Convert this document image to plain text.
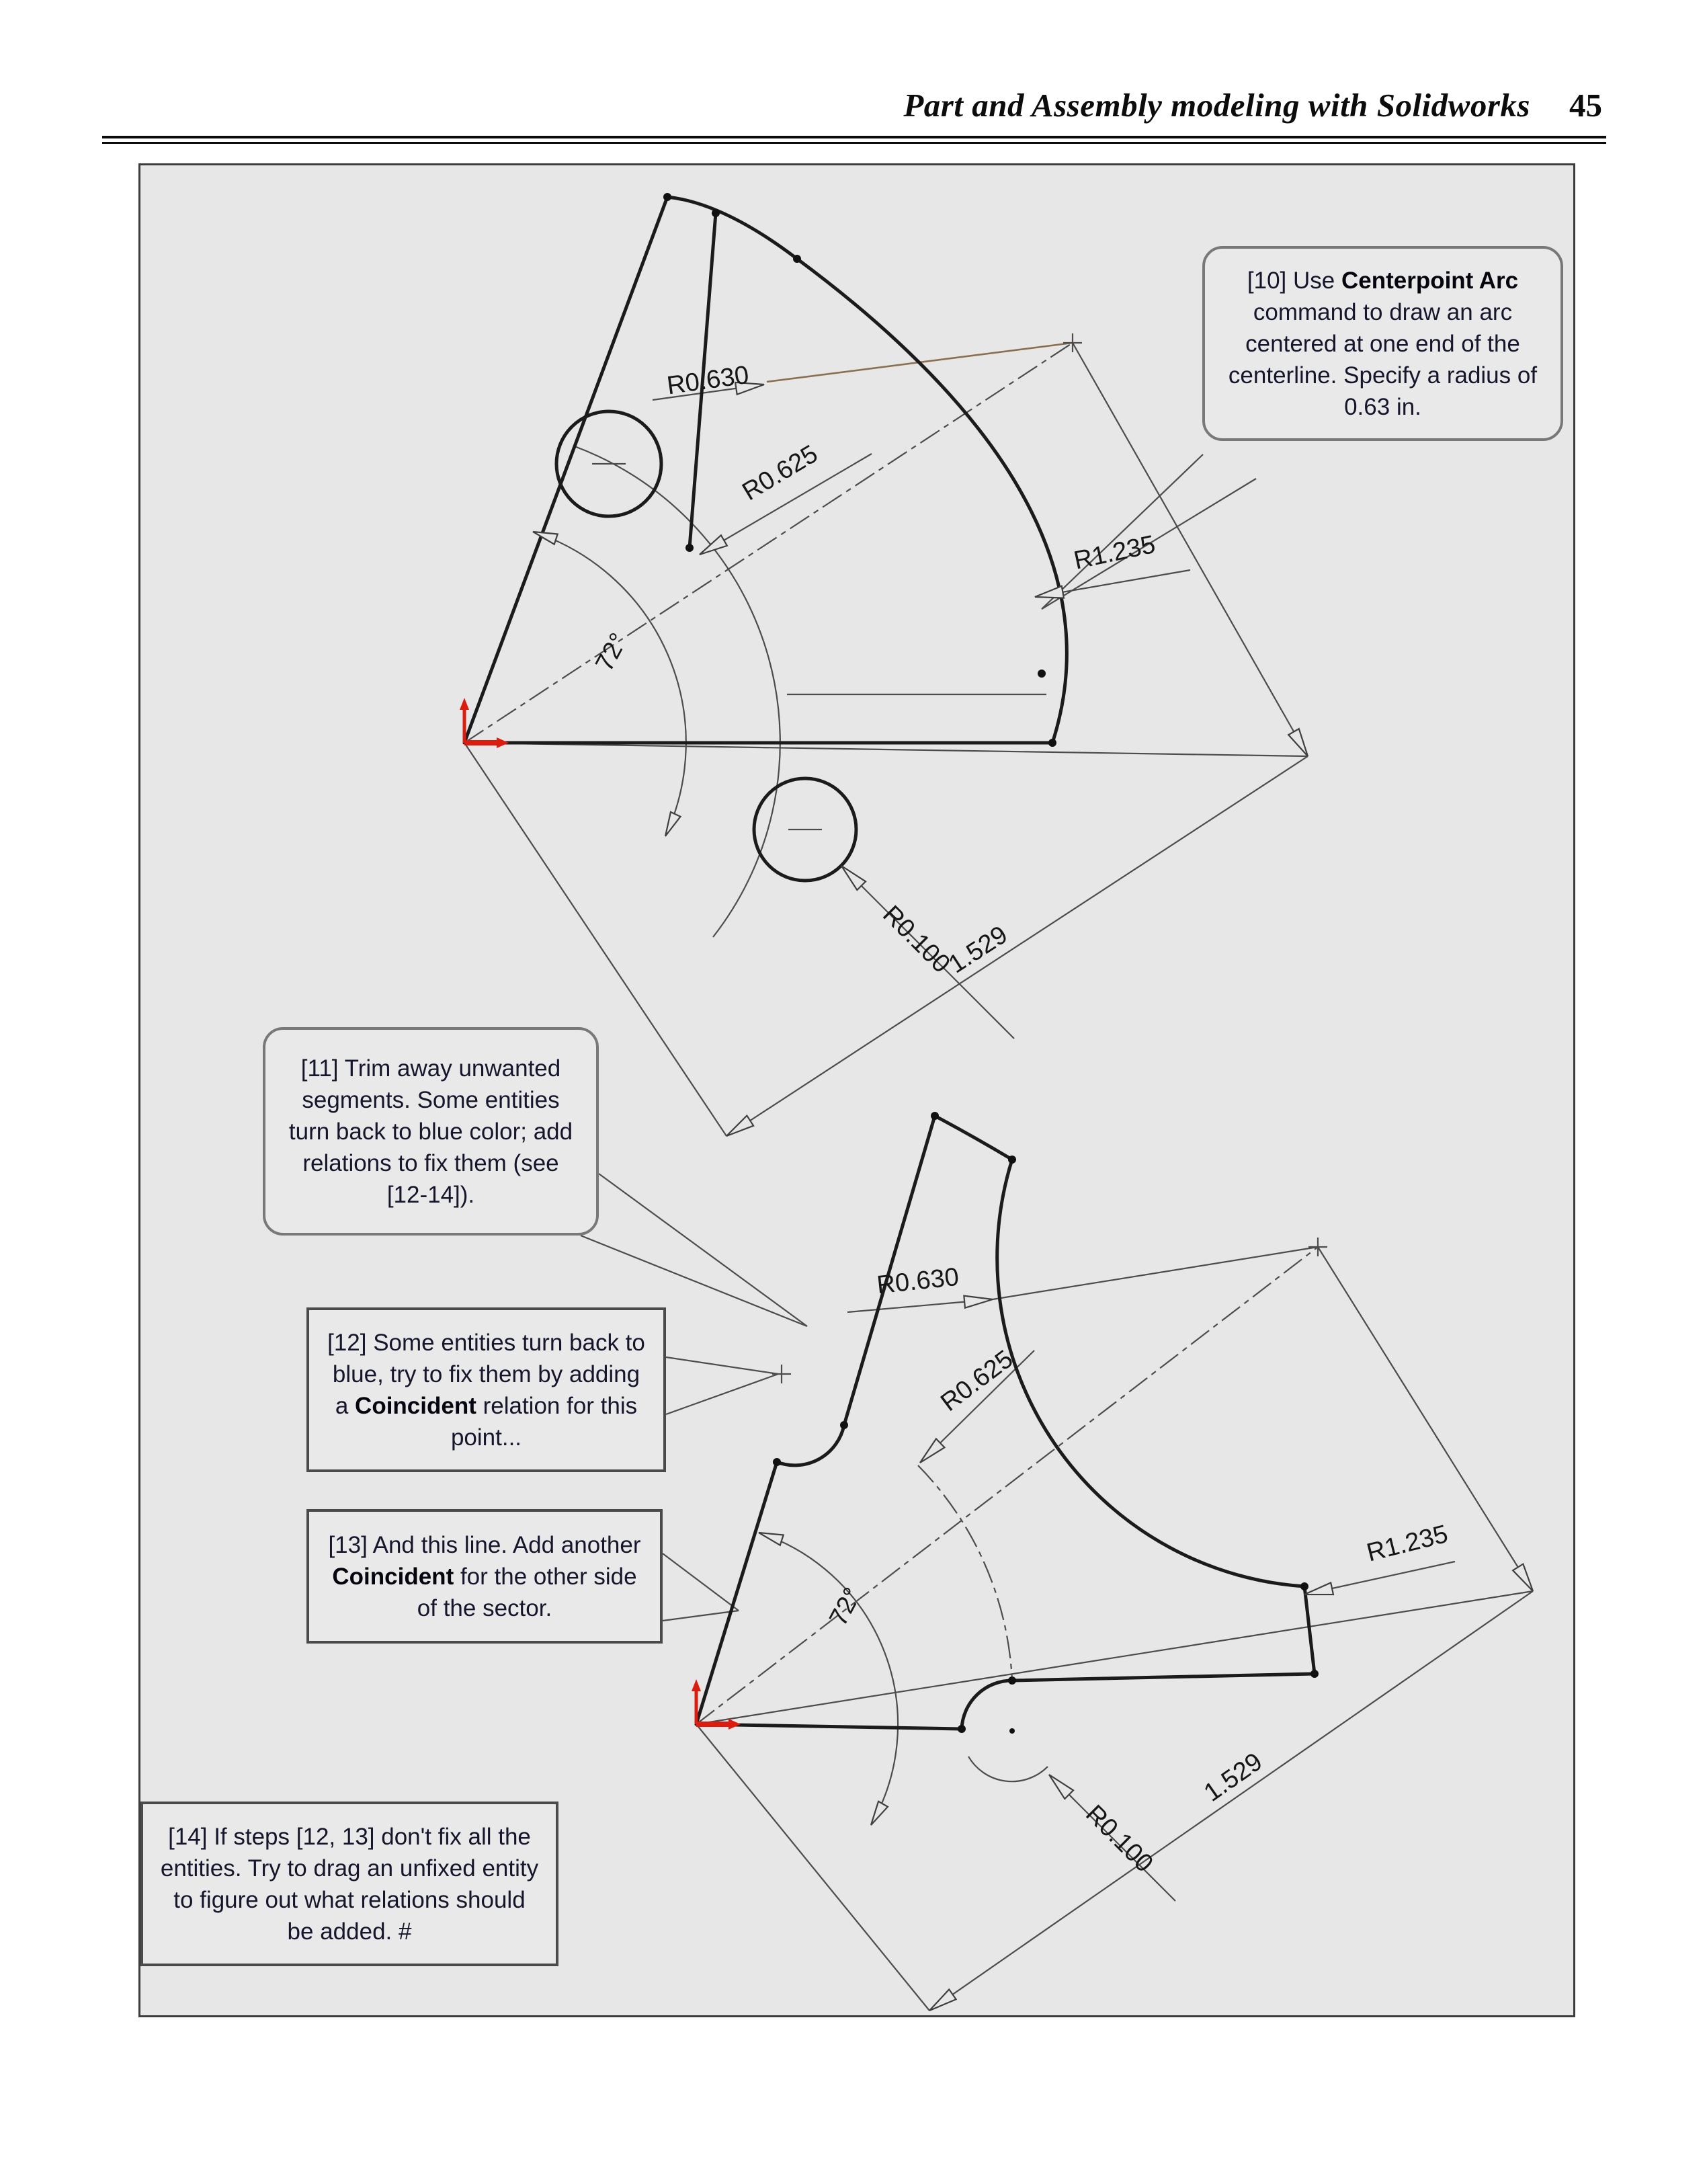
Part and Assembly modeling with Solidworks 45
R0.630
R0.625
R1.235
R0.100
1.529
72°
R0.630
R0.625
R1.235
R0.100
1.529
72°
[10] Use Centerpoint Arc command to draw an arc centered at one end of the centerline. Specify a radius of 0.63 in.
[11] Trim away unwanted segments. Some entities turn back to blue color; add relations to fix them (see [12-14]).
[12] Some entities turn back to blue, try to fix them by adding a Coincident relation for this point...
[13] And this line. Add another Coincident for the other side of the sector.
[14] If steps [12, 13] don't fix all the entities. Try to drag an unfixed entity to figure out what relations should be added. #
